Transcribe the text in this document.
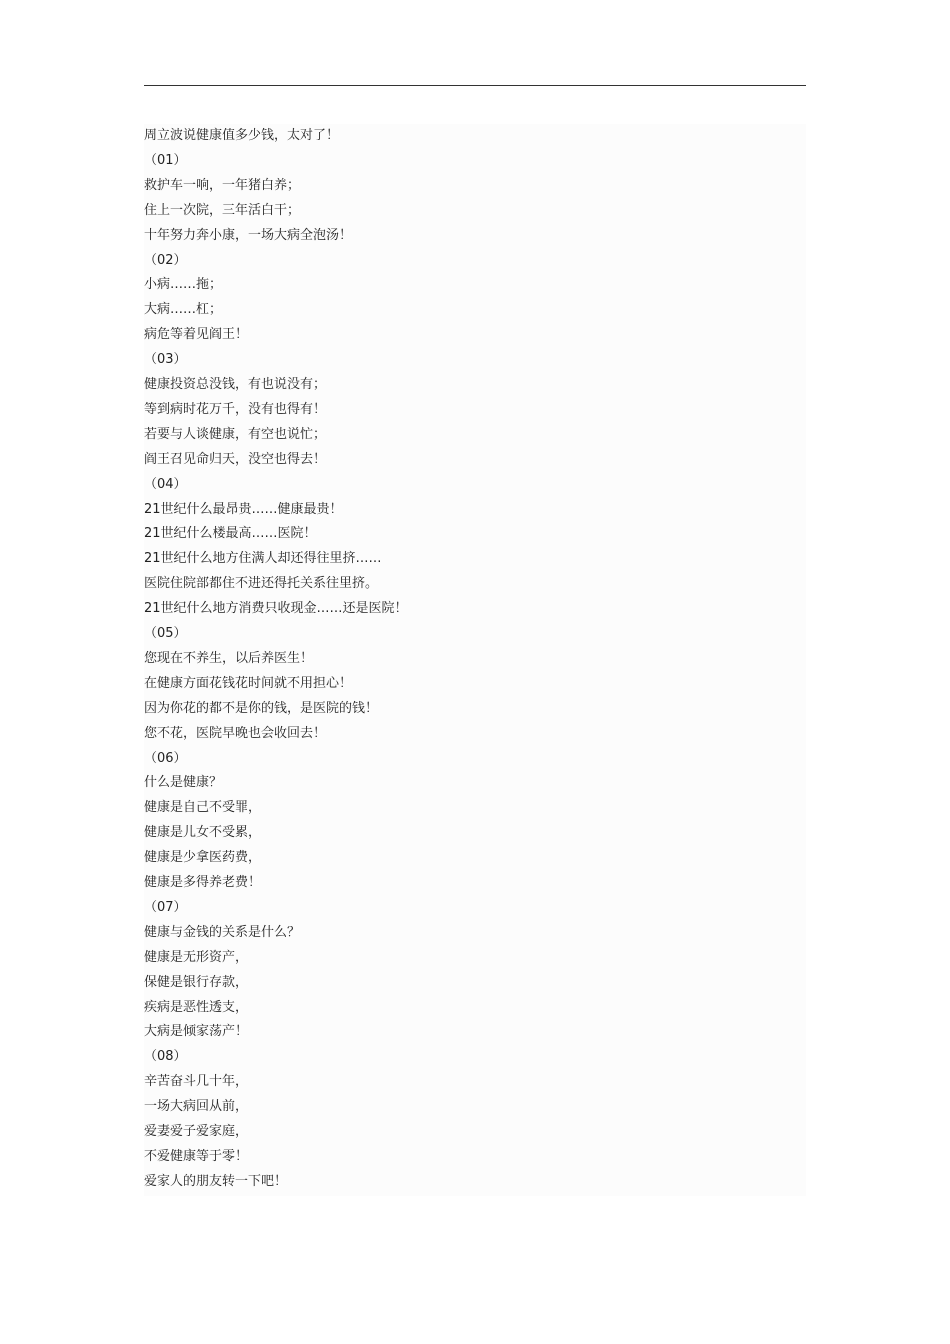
周立波说健康值多少钱，太对了！
（01）
救护车一响，一年猪白养；
住上一次院，三年活白干；
十年努力奔小康，一场大病全泡汤！
（02）
小病……拖；
大病……杠；
病危等着见阎王！
（03）
健康投资总没钱，有也说没有；
等到病时花万千，没有也得有！
若要与人谈健康，有空也说忙；
阎王召见命归天，没空也得去！
（04）
21世纪什么最昂贵……健康最贵！
21世纪什么楼最高……医院！
21世纪什么地方住满人却还得往里挤……
医院住院部都住不进还得托关系往里挤。
21世纪什么地方消费只收现金……还是医院！
（05）
您现在不养生，以后养医生！
在健康方面花钱花时间就不用担心！
因为你花的都不是你的钱，是医院的钱！
您不花，医院早晚也会收回去！
（06）
什么是健康？
健康是自己不受罪，
健康是儿女不受累，
健康是少拿医药费，
健康是多得养老费！
（07）
健康与金钱的关系是什么？
健康是无形资产，
保健是银行存款，
疾病是恶性透支，
大病是倾家荡产！
（08）
辛苦奋斗几十年，
一场大病回从前，
爱妻爱子爱家庭，
不爱健康等于零！
爱家人的朋友转一下吧！
